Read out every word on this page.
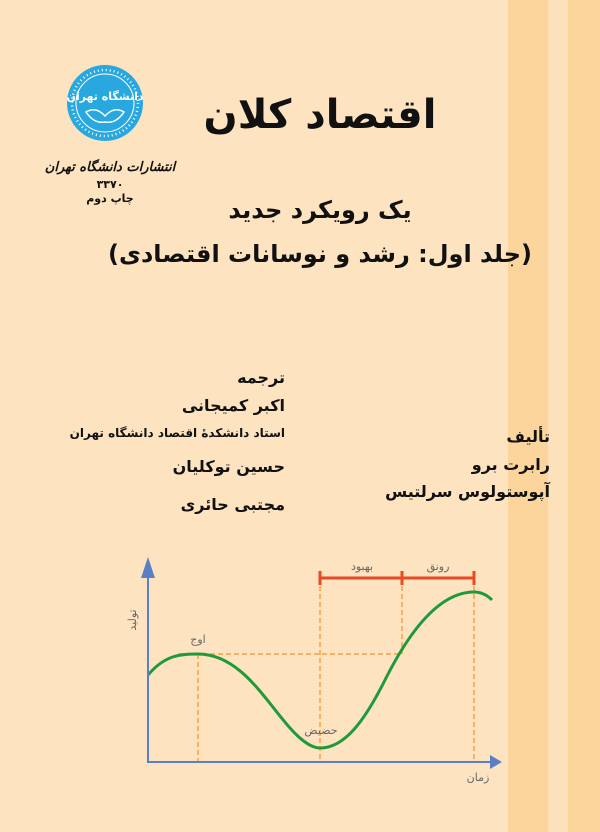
دانشگاه تهران
انتشارات دانشگاه تهران
۳۳۷۰
چاپ دوم
اقتصاد کلان
یک رویکرد جدید
(جلد اول: رشد و نوسانات اقتصادی)
ترجمه
اکبر کمیجانی
استاد دانشکدهٔ اقتصاد دانشگاه تهران
حسین توکلیان
مجتبی حائری
تألیف
رابرت برو
آپوستولوس سرلتیس
اوج
حضیض
بهبود	رونق
زمان
تولید
